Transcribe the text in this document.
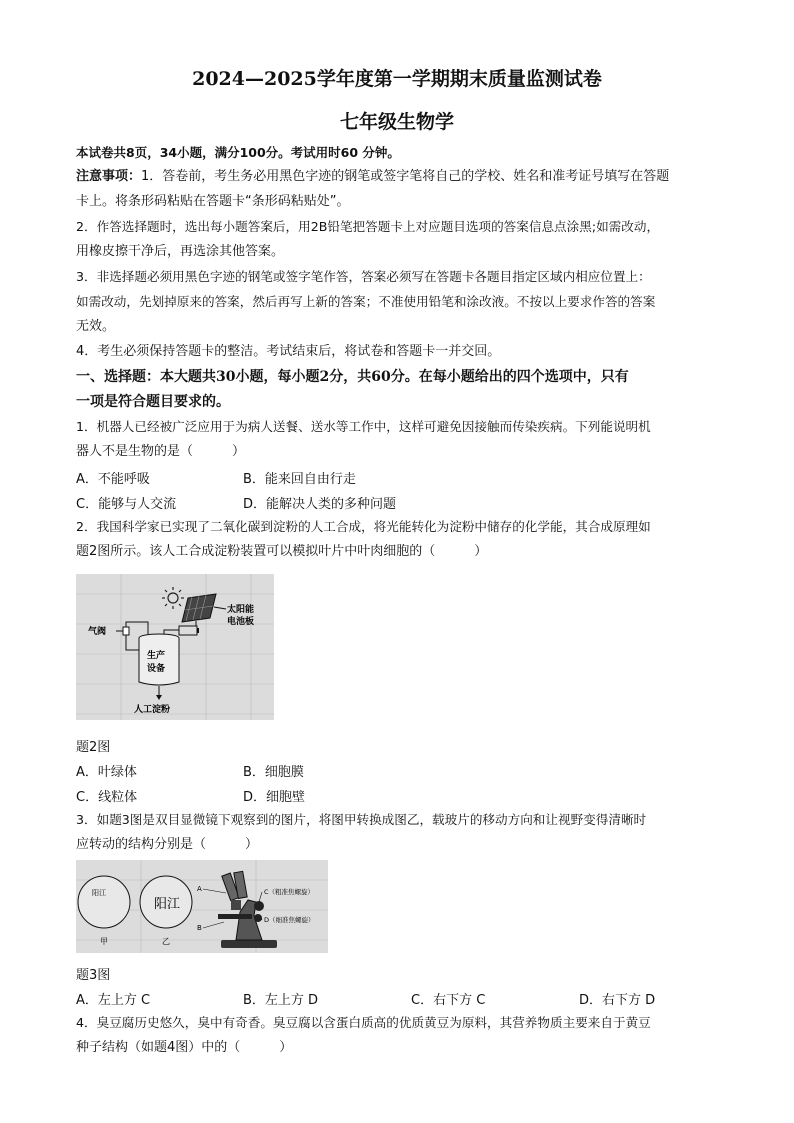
2024—2025学年度第一学期期末质量监测试卷
七年级生物学
本试卷共8页，34小题，满分100分。考试用时60 分钟。
注意事项：1．答卷前，考生务必用黑色字迹的钢笔或签字笔将自己的学校、姓名和准考证号填写在答题
卡上。将条形码粘贴在答题卡“条形码粘贴处”。
2．作答选择题时，选出每小题答案后，用2B铅笔把答题卡上对应题目选项的答案信息点涂黑;如需改动，
用橡皮擦干净后，再选涂其他答案。
3．非选择题必须用黑色字迹的钢笔或签字笔作答，答案必须写在答题卡各题目指定区域内相应位置上：
如需改动，先划掉原来的答案，然后再写上新的答案；不准使用铅笔和涂改液。不按以上要求作答的答案
无效。
4．考生必须保持答题卡的整洁。考试结束后，将试卷和答题卡一并交回。
一、选择题：本大题共30小题，每小题2分，共60分。在每小题给出的四个选项中，只有
一项是符合题目要求的。
1．机器人已经被广泛应用于为病人送餐、送水等工作中，这样可避免因接触而传染疾病。下列能说明机
器人不是生物的是（　　　）
A．不能呼吸	B．能来回自由行走
C．能够与人交流	D．能解决人类的多种问题
2．我国科学家已实现了二氧化碳到淀粉的人工合成，将光能转化为淀粉中储存的化学能，其合成原理如
题2图所示。该人工合成淀粉装置可以模拟叶片中叶肉细胞的（　　　）
太阳能
电池板
生产
设备
气阀
人工淀粉
题2图
A．叶绿体	B．细胞膜
C．线粒体	D．细胞壁
3．如题3图是双目显微镜下观察到的图片，将图甲转换成图乙，载玻片的移动方向和让视野变得清晰时
应转动的结构分别是（　　　）
阳江
甲
阳江
乙
A
B
C（粗准焦螺旋）
D（细准焦螺旋）
题3图
A．左上方 C	B．左上方 D	C．右下方 C	D．右下方 D
4．臭豆腐历史悠久，臭中有奇香。臭豆腐以含蛋白质高的优质黄豆为原料，其营养物质主要来自于黄豆
种子结构（如题4图）中的（　　　）
